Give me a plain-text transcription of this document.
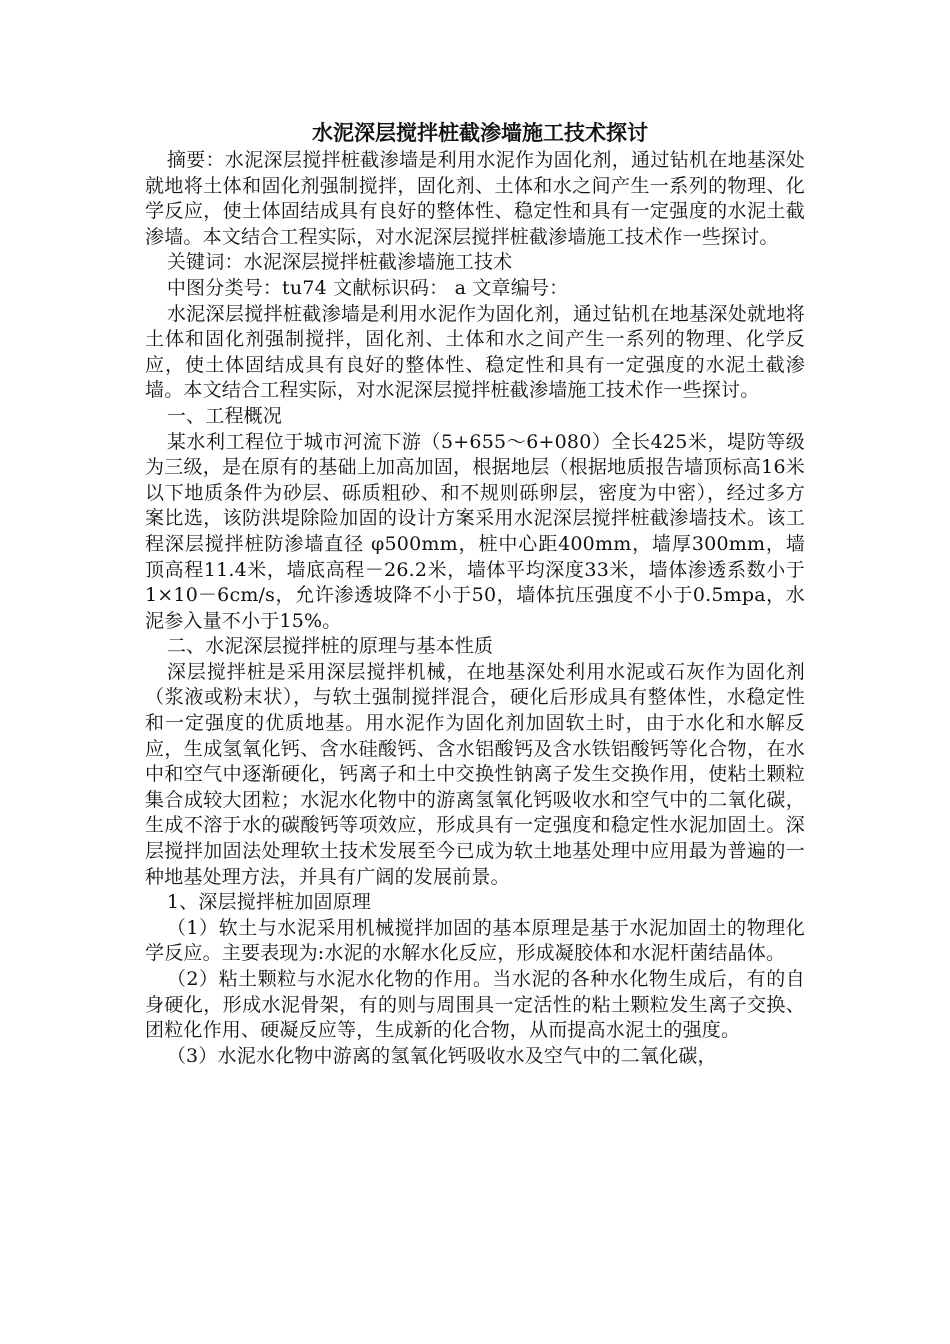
水泥深层搅拌桩截渗墙施工技术探讨

摘要：水泥深层搅拌桩截渗墙是利用水泥作为固化剂，通过钻机在地基深处就地将土体和固化剂强制搅拌，固化剂、土体和水之间产生一系列的物理、化学反应，使土体固结成具有良好的整体性、稳定性和具有一定强度的水泥土截渗墙。本文结合工程实际，对水泥深层搅拌桩截渗墙施工技术作一些探讨。

关键词：水泥深层搅拌桩截渗墙施工技术

中图分类号：tu74 文献标识码： a 文章编号：

水泥深层搅拌桩截渗墙是利用水泥作为固化剂，通过钻机在地基深处就地将土体和固化剂强制搅拌，固化剂、土体和水之间产生一系列的物理、化学反应，使土体固结成具有良好的整体性、稳定性和具有一定强度的水泥土截渗墙。本文结合工程实际，对水泥深层搅拌桩截渗墙施工技术作一些探讨。

一、工程概况

某水利工程位于城市河流下游（5+655～6+080）全长425米，堤防等级为三级，是在原有的基础上加高加固，根据地层（根据地质报告墙顶标高16米以下地质条件为砂层、砾质粗砂、和不规则砾卵层，密度为中密），经过多方案比选，该防洪堤除险加固的设计方案采用水泥深层搅拌桩截渗墙技术。该工程深层搅拌桩防渗墙直径 φ500mm，桩中心距400mm，墙厚300mm，墙顶高程11.4米，墙底高程－26.2米，墙体平均深度33米，墙体渗透系数小于1×10－6cm/s，允许渗透坡降不小于50，墙体抗压强度不小于0.5mpa，水泥参入量不小于15%。

二、水泥深层搅拌桩的原理与基本性质

深层搅拌桩是采用深层搅拌机械，在地基深处利用水泥或石灰作为固化剂（浆液或粉末状），与软土强制搅拌混合，硬化后形成具有整体性，水稳定性和一定强度的优质地基。用水泥作为固化剂加固软土时，由于水化和水解反应，生成氢氧化钙、含水硅酸钙、含水铝酸钙及含水铁铝酸钙等化合物，在水中和空气中逐渐硬化，钙离子和土中交换性钠离子发生交换作用，使粘土颗粒集合成较大团粒；水泥水化物中的游离氢氧化钙吸收水和空气中的二氧化碳，生成不溶于水的碳酸钙等项效应，形成具有一定强度和稳定性水泥加固土。深层搅拌加固法处理软土技术发展至今已成为软土地基处理中应用最为普遍的一种地基处理方法，并具有广阔的发展前景。

1、深层搅拌桩加固原理

（1）软土与水泥采用机械搅拌加固的基本原理是基于水泥加固土的物理化学反应。主要表现为:水泥的水解水化反应，形成凝胶体和水泥杆菌结晶体。

（2）粘土颗粒与水泥水化物的作用。当水泥的各种水化物生成后，有的自身硬化，形成水泥骨架，有的则与周围具一定活性的粘土颗粒发生离子交换、团粒化作用、硬凝反应等，生成新的化合物，从而提高水泥土的强度。

（3）水泥水化物中游离的氢氧化钙吸收水及空气中的二氧化碳，
